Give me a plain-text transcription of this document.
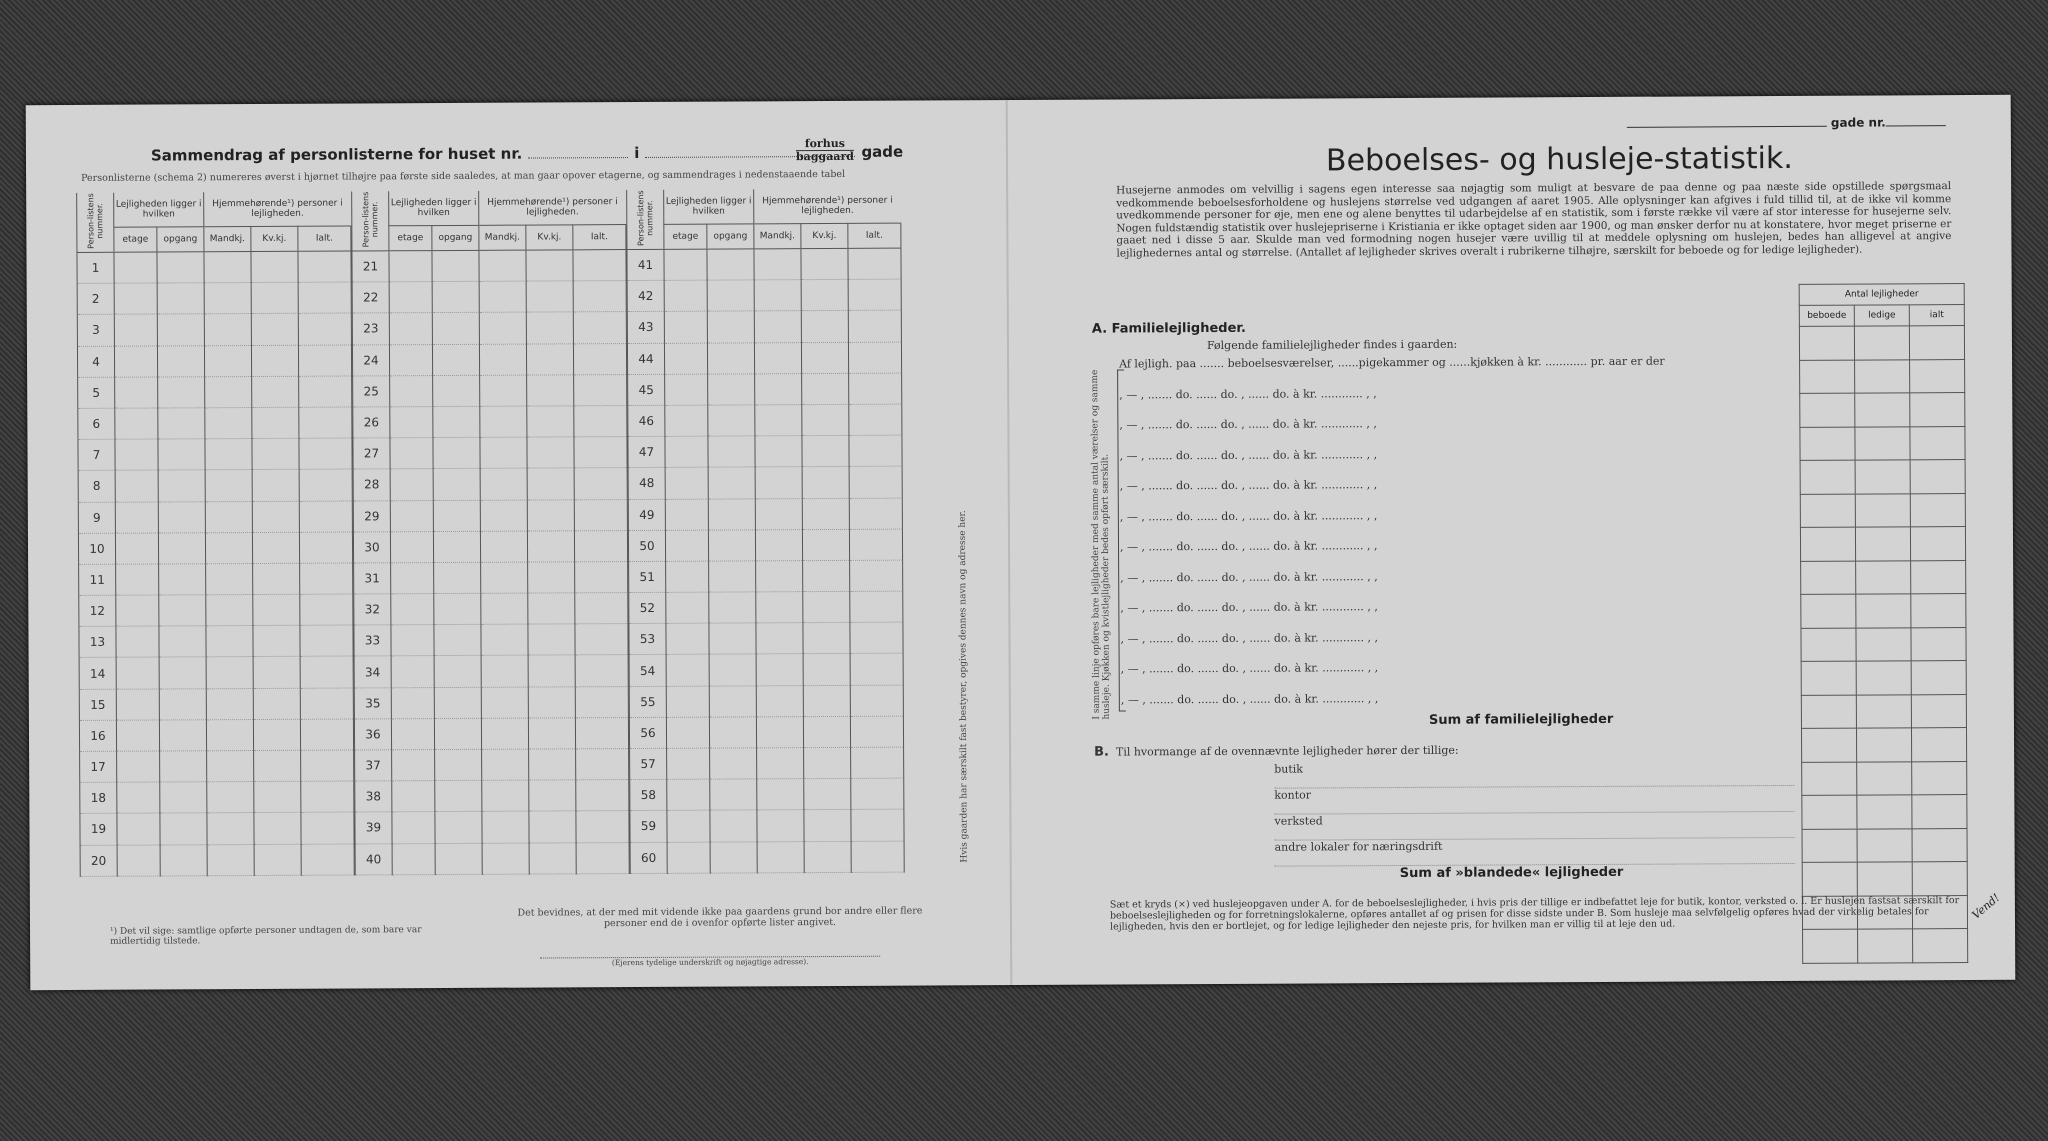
Sammendrag af personlisterne for huset nr.	i	gade
forhus
baggaard
Personlisterne (schema 2) numereres øverst i hjørnet tilhøjre paa første side saaledes, at man gaar opover etagerne, og sammendrages i nedenstaaende tabel
Person-listens nummer.	Lejligheden ligger i hvilken		Hjemmehørende¹) personer i lejligheden.		
	etage	opgang	Mandkj.	Kv.kj.	Ialt.
1					
2					
3					
4					
5					
6					
7					
8					
9					
10					
11					
12					
13					
14					
15					
16					
17					
18					
19					
20					
Person-listens nummer.	Lejligheden ligger i hvilken		Hjemmehørende¹) personer i lejligheden.		
	etage	opgang	Mandkj.	Kv.kj.	Ialt.
21					
22					
23					
24					
25					
26					
27					
28					
29					
30					
31					
32					
33					
34					
35					
36					
37					
38					
39					
40					
Person-listens nummer.	Lejligheden ligger i hvilken		Hjemmehørende¹) personer i lejligheden.		
	etage	opgang	Mandkj.	Kv.kj.	Ialt.
41					
42					
43					
44					
45					
46					
47					
48					
49					
50					
51					
52					
53					
54					
55					
56					
57					
58					
59					
60					
¹) Det vil sige: samtlige opførte personer undtagen de, som bare var midlertidig tilstede.
Det bevidnes, at der med mit vidende ikke paa gaardens grund bor andre eller flere personer end de i ovenfor opførte lister angivet.
(Ejerens tydelige underskrift og nøjagtige adresse).
Hvis gaarden har særskilt fast bestyrer, opgives dennes navn og adresse her.
gade nr.
Beboelses- og husleje-statistik.
Husejerne anmodes om velvillig i sagens egen interesse saa nøjagtig som muligt at besvare de paa denne og paa næste side opstillede spørgsmaal vedkommende beboelsesforholdene og huslejens størrelse ved udgangen af aaret 1905. Alle oplysninger kan afgives i fuld tillid til, at de ikke vil komme uvedkommende personer for øje, men ene og alene benyttes til udarbejdelse af en statistik, som i første række vil være af stor interesse for husejerne selv. Nogen fuldstændig statistik over huslejepriserne i Kristiania er ikke optaget siden aar 1900, og man ønsker derfor nu at konstatere, hvor meget priserne er gaaet ned i disse 5 aar. Skulde man ved formodning nogen husejer være uvillig til at meddele oplysning om huslejen, bedes han alligevel at angive lejlighedernes antal og størrelse. (Antallet af lejligheder skrives overalt i rubrikerne tilhøjre, særskilt for beboede og for ledige lejligheder).
A. Familielejligheder.
Følgende familielejligheder findes i gaarden:
I samme linje opføres bare lejligheder med samme antal værelser og samme husleje. Kjøkken og kvistlejligheder bedes opført særskilt.
Af lejligh. paa ....... beboelsesværelser, ......pigekammer og ......kjøkken à kr. ............ pr. aar er der
, — , ....... do. ...... do. , ...... do. à kr. ............ , ,
, — , ....... do. ...... do. , ...... do. à kr. ............ , ,
, — , ....... do. ...... do. , ...... do. à kr. ............ , ,
, — , ....... do. ...... do. , ...... do. à kr. ............ , ,
, — , ....... do. ...... do. , ...... do. à kr. ............ , ,
, — , ....... do. ...... do. , ...... do. à kr. ............ , ,
, — , ....... do. ...... do. , ...... do. à kr. ............ , ,
, — , ....... do. ...... do. , ...... do. à kr. ............ , ,
, — , ....... do. ...... do. , ...... do. à kr. ............ , ,
, — , ....... do. ...... do. , ...... do. à kr. ............ , ,
, — , ....... do. ...... do. , ...... do. à kr. ............ , ,
Antal lejligheder		
beboede	ledige	ialt

Sum af familielejligheder
B. Til hvormange af de ovennævnte lejligheder hører der tillige:
butik
kontor
verksted
andre lokaler for næringsdrift
Sum af »blandede« lejligheder
Sæt et kryds (×) ved huslejeopgaven under A. for de beboelseslejligheder, i hvis pris der tillige er indbefattet leje for butik, kontor, verksted o. l. Er huslejen fastsat særskilt for beboelseslejligheden og for forretningslokalerne, opføres antallet af og prisen for disse sidste under B. Som husleje maa selvfølgelig opføres hvad der virkelig betales for lejligheden, hvis den er bortlejet, og for ledige lejligheder den nejeste pris, for hvilken man er villig til at leje den ud.
Vend!
